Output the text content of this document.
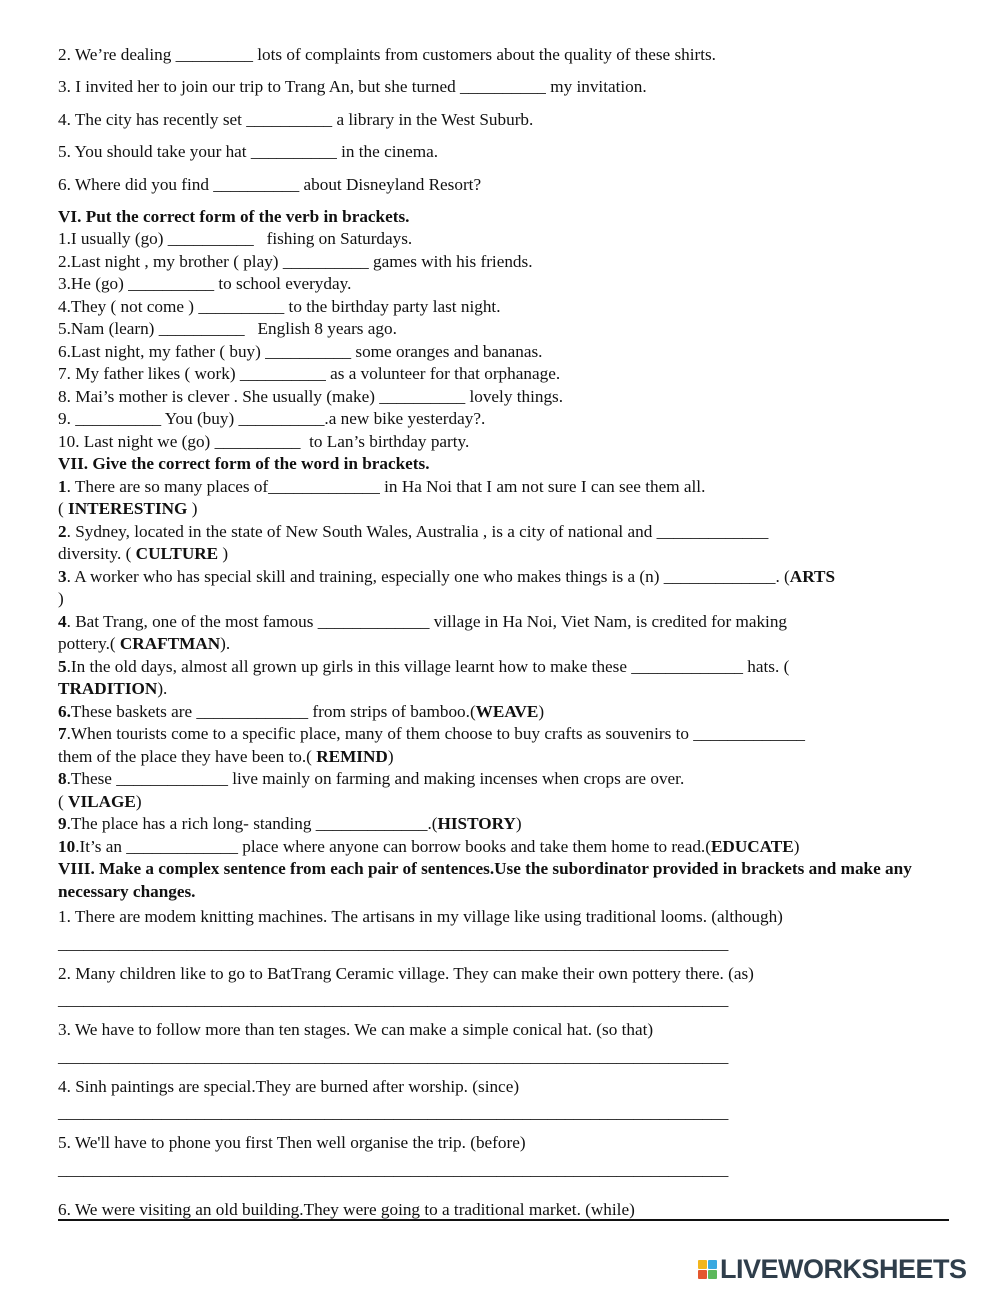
2. We’re dealing _________ lots of complaints from customers about the quality of these shirts.

3. I invited her to join our trip to Trang An, but she turned __________ my invitation.

4. The city has recently set __________ a library in the West Suburb.

5. You should take your hat __________ in the cinema.

6. Where did you find __________ about Disneyland Resort?

VI. Put the correct form of the verb in brackets.

1.I usually (go) __________   fishing on Saturdays.

2.Last night , my brother ( play) __________ games with his friends.

3.He (go) __________ to school everyday.

4.They ( not come ) __________ to the birthday party last night.

5.Nam (learn) __________   English 8 years ago.

6.Last night, my father ( buy) __________ some oranges and bananas.

7. My father likes ( work) __________ as a volunteer for that orphanage.

8. Mai’s mother is clever . She usually (make) __________ lovely things.

9. __________ You (buy) __________.a new bike yesterday?.

10. Last night we (go) __________  to Lan’s birthday party.

VII. Give the correct form of the word in brackets.

1. There are so many places of_____________ in Ha Noi that I am not sure I can see them all.
( INTERESTING )

2. Sydney, located in the state of New South Wales, Australia , is a city of national and _____________
diversity. ( CULTURE )

3. A worker who has special skill and training, especially one who makes things is a (n) _____________. (ARTS
)

4. Bat Trang, one of the most famous _____________ village in Ha Noi, Viet Nam, is credited for making
pottery.( CRAFTMAN).

5.In the old days, almost all grown up girls in this village learnt how to make these _____________ hats. (
TRADITION).

6.These baskets are _____________ from strips of bamboo.(WEAVE)

7.When tourists come to a specific place, many of them choose to buy crafts as souvenirs to _____________
them of the place they have been to.( REMIND)

8.These _____________ live mainly on farming and making incenses when crops are over.
( VILAGE)

9.The place has a rich long- standing _____________.(HISTORY)

10.It’s an _____________ place where anyone can borrow books and take them home to read.(EDUCATE)

VIII. Make a complex sentence from each pair of sentences.Use the subordinator provided in brackets and make any necessary changes.

1. There are modem knitting machines. The artisans in my village like using traditional looms. (although)

______________________________________________________________________________

2. Many children like to go to BatTrang Ceramic village. They can make their own pottery there. (as)

______________________________________________________________________________

3. We have to follow more than ten stages. We can make a simple conical hat. (so that)

______________________________________________________________________________

4. Sinh paintings are special.They are burned after worship. (since)

______________________________________________________________________________

5. We'll have to phone you first Then well organise the trip. (before)

______________________________________________________________________________

6. We were visiting an old building.They were going to a traditional market. (while)

LIVEWORKSHEETS
